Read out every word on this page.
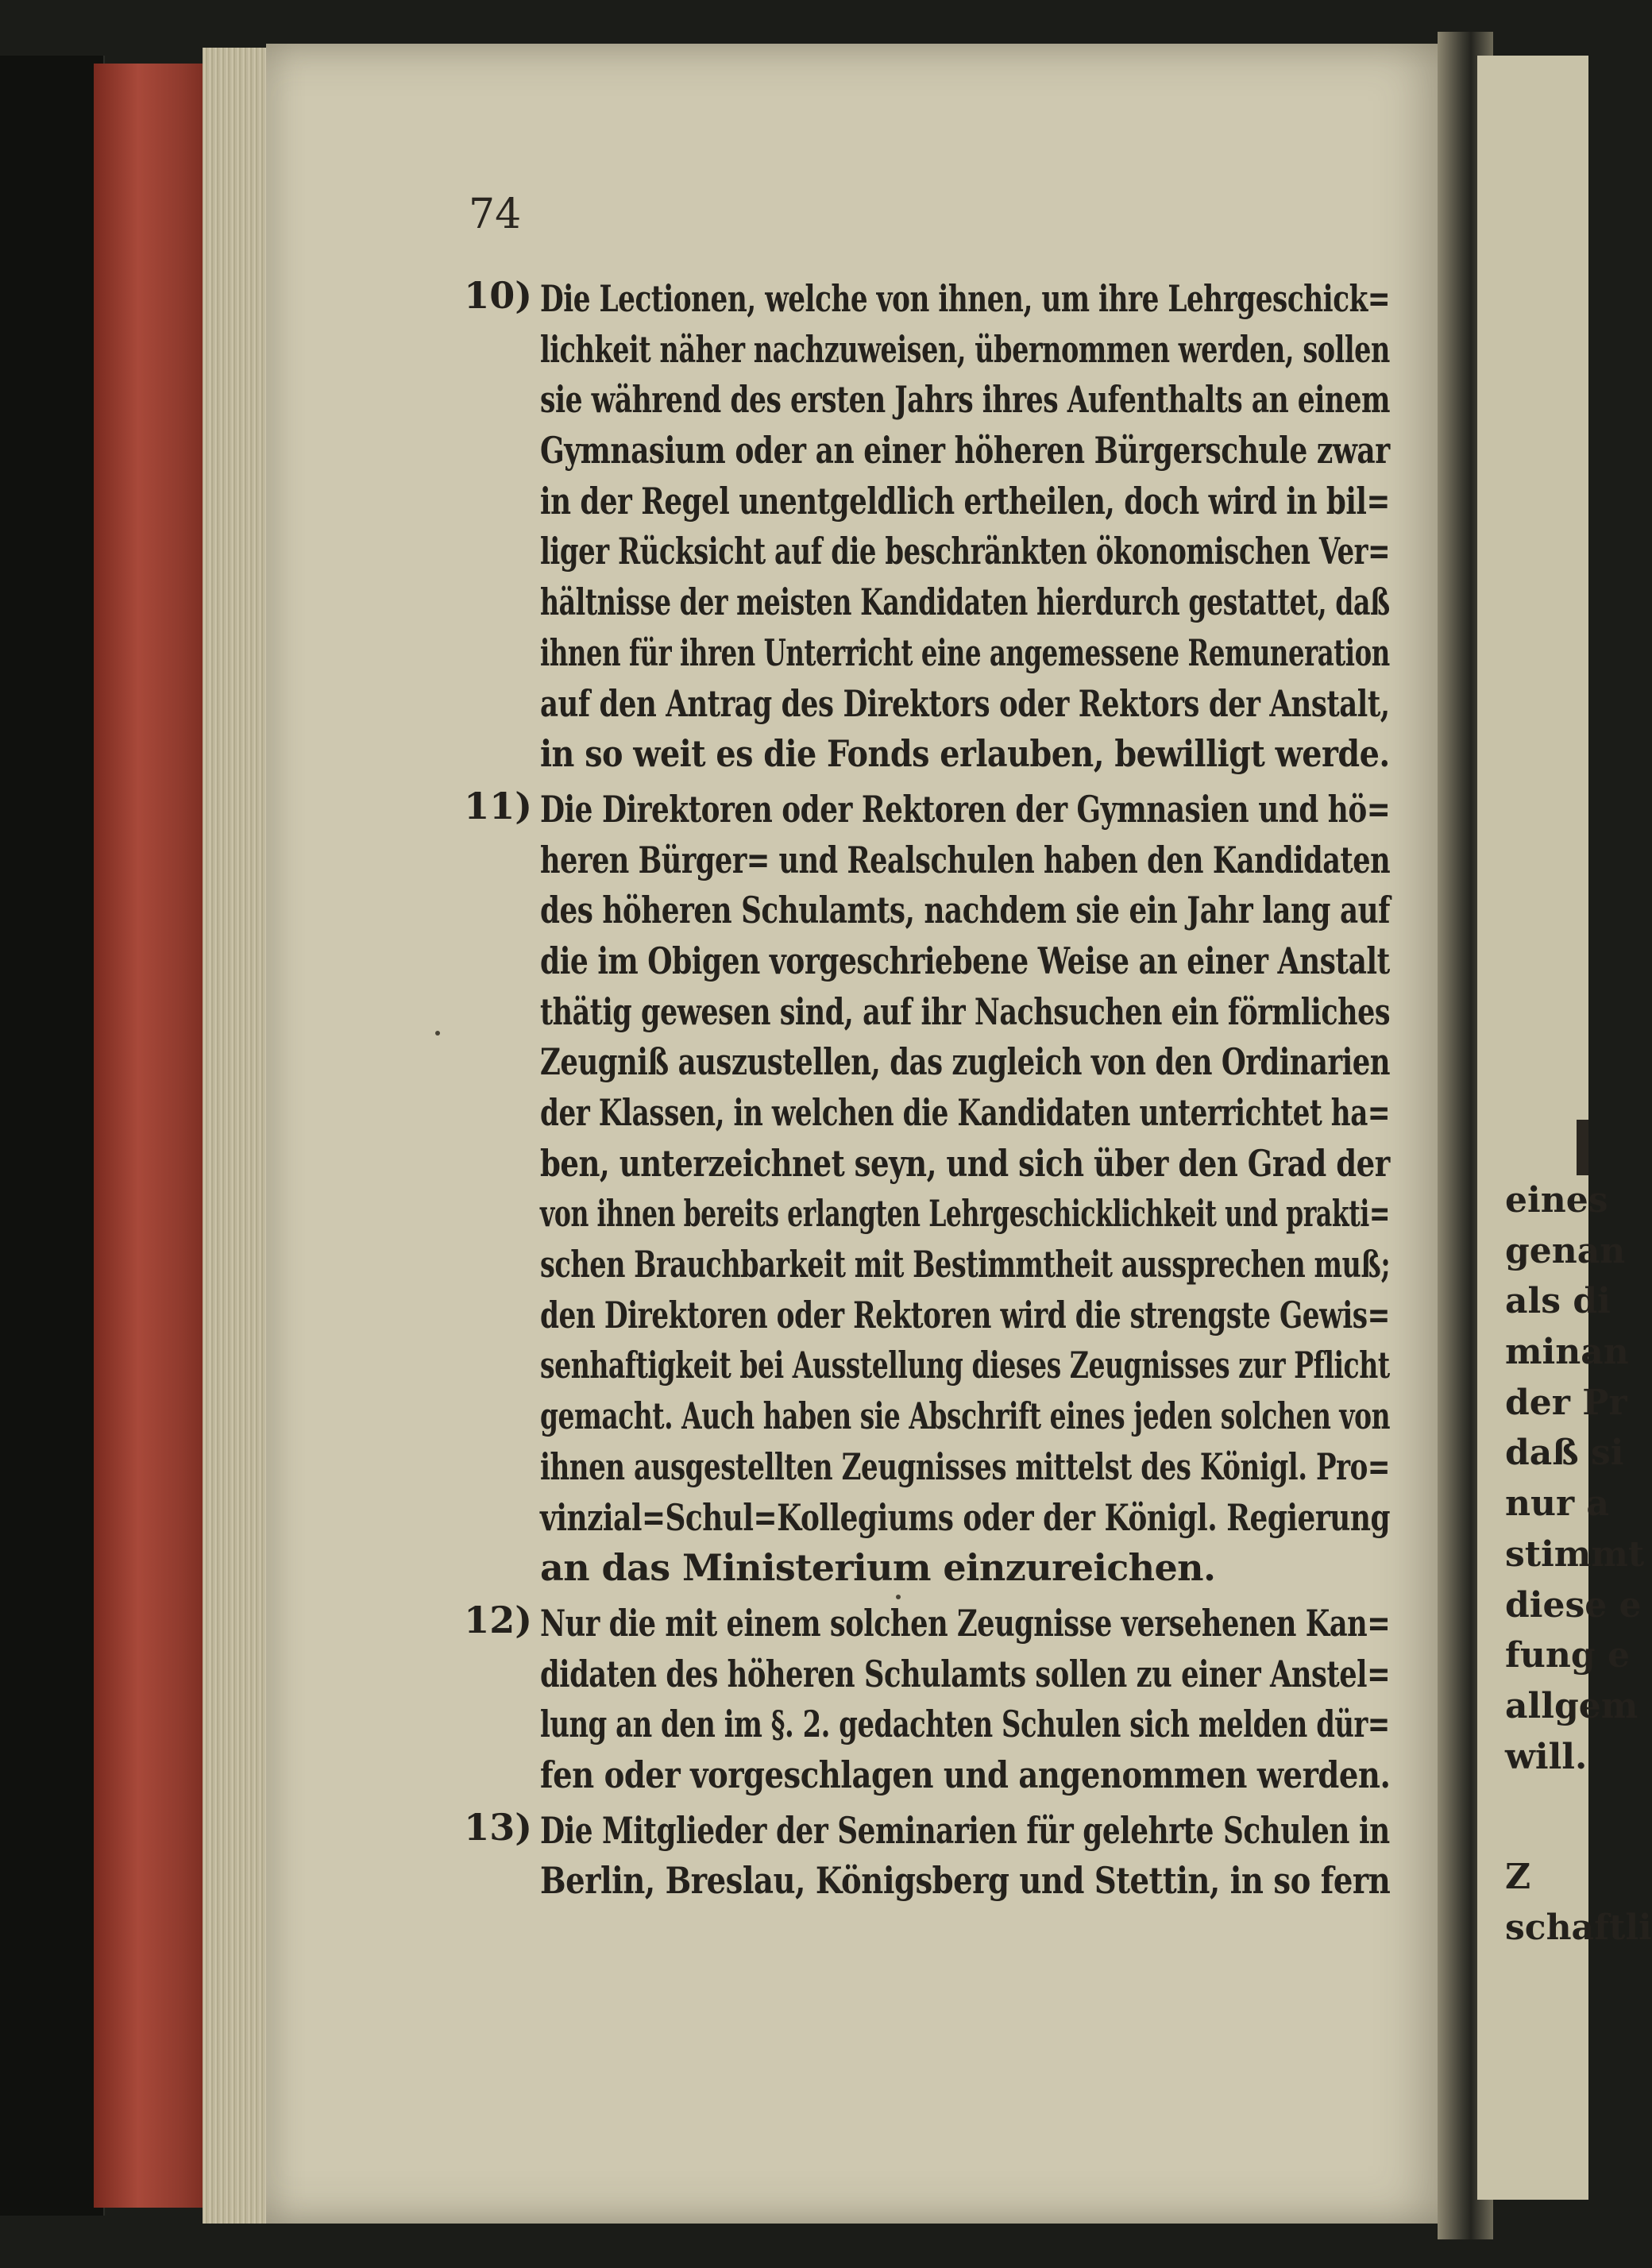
74
10) Die Lectionen, welche von ihnen, um ihre Lehrgeschick=
lichkeit näher nachzuweisen, übernommen werden, sollen
sie während des ersten Jahrs ihres Aufenthalts an einem
Gymnasium oder an einer höheren Bürgerschule zwar
in der Regel unentgeldlich ertheilen, doch wird in bil=
liger Rücksicht auf die beschränkten ökonomischen Ver=
hältnisse der meisten Kandidaten hierdurch gestattet, daß
ihnen für ihren Unterricht eine angemessene Remuneration
auf den Antrag des Direktors oder Rektors der Anstalt,
in so weit es die Fonds erlauben, bewilligt werde.
11) Die Direktoren oder Rektoren der Gymnasien und hö=
heren Bürger= und Realschulen haben den Kandidaten
des höheren Schulamts, nachdem sie ein Jahr lang auf
die im Obigen vorgeschriebene Weise an einer Anstalt
thätig gewesen sind, auf ihr Nachsuchen ein förmliches
Zeugniß auszustellen, das zugleich von den Ordinarien
der Klassen, in welchen die Kandidaten unterrichtet ha=
ben, unterzeichnet seyn, und sich über den Grad der
von ihnen bereits erlangten Lehrgeschicklichkeit und prakti=
schen Brauchbarkeit mit Bestimmtheit aussprechen muß;
den Direktoren oder Rektoren wird die strengste Gewis=
senhaftigkeit bei Ausstellung dieses Zeugnisses zur Pflicht
gemacht. Auch haben sie Abschrift eines jeden solchen von
ihnen ausgestellten Zeugnisses mittelst des Königl. Pro=
vinzial=Schul=Kollegiums oder der Königl. Regierung
an das Ministerium einzureichen.
12) Nur die mit einem solchen Zeugnisse versehenen Kan=
didaten des höheren Schulamts sollen zu einer Anstel=
lung an den im §. 2. gedachten Schulen sich melden dür=
fen oder vorgeschlagen und angenommen werden.
13) Die Mitglieder der Seminarien für gelehrte Schulen in
Berlin, Breslau, Königsberg und Stettin, in so fern
eines
genan
als di
minan
der Pr
daß si
nur a
stimmt
diese e
fung e
allgem
will.
Z
schaftli
